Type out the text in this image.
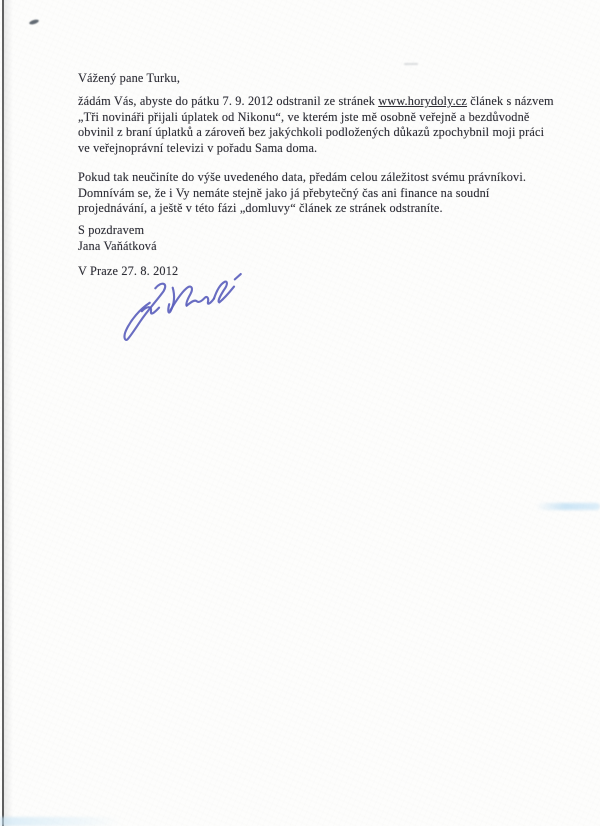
Vážený pane Turku,
žádám Vás, abyste do pátku 7. 9. 2012 odstranil ze stránek www.horydoly.cz článek s názvem
„Tři novináři přijali úplatek od Nikonu“, ve kterém jste mě osobně veřejně a bezdůvodně
obvinil z braní úplatků a zároveň bez jakýchkoli podložených důkazů zpochybnil moji práci
ve veřejnoprávní televizi v pořadu Sama doma.
Pokud tak neučiníte do výše uvedeného data, předám celou záležitost svému právníkovi.
Domnívám se, že i Vy nemáte stejně jako já přebytečný čas ani finance na soudní
projednávání, a ještě v této fázi „domluvy“ článek ze stránek odstraníte.
S pozdravem
Jana Vaňátková
V Praze 27. 8. 2012
